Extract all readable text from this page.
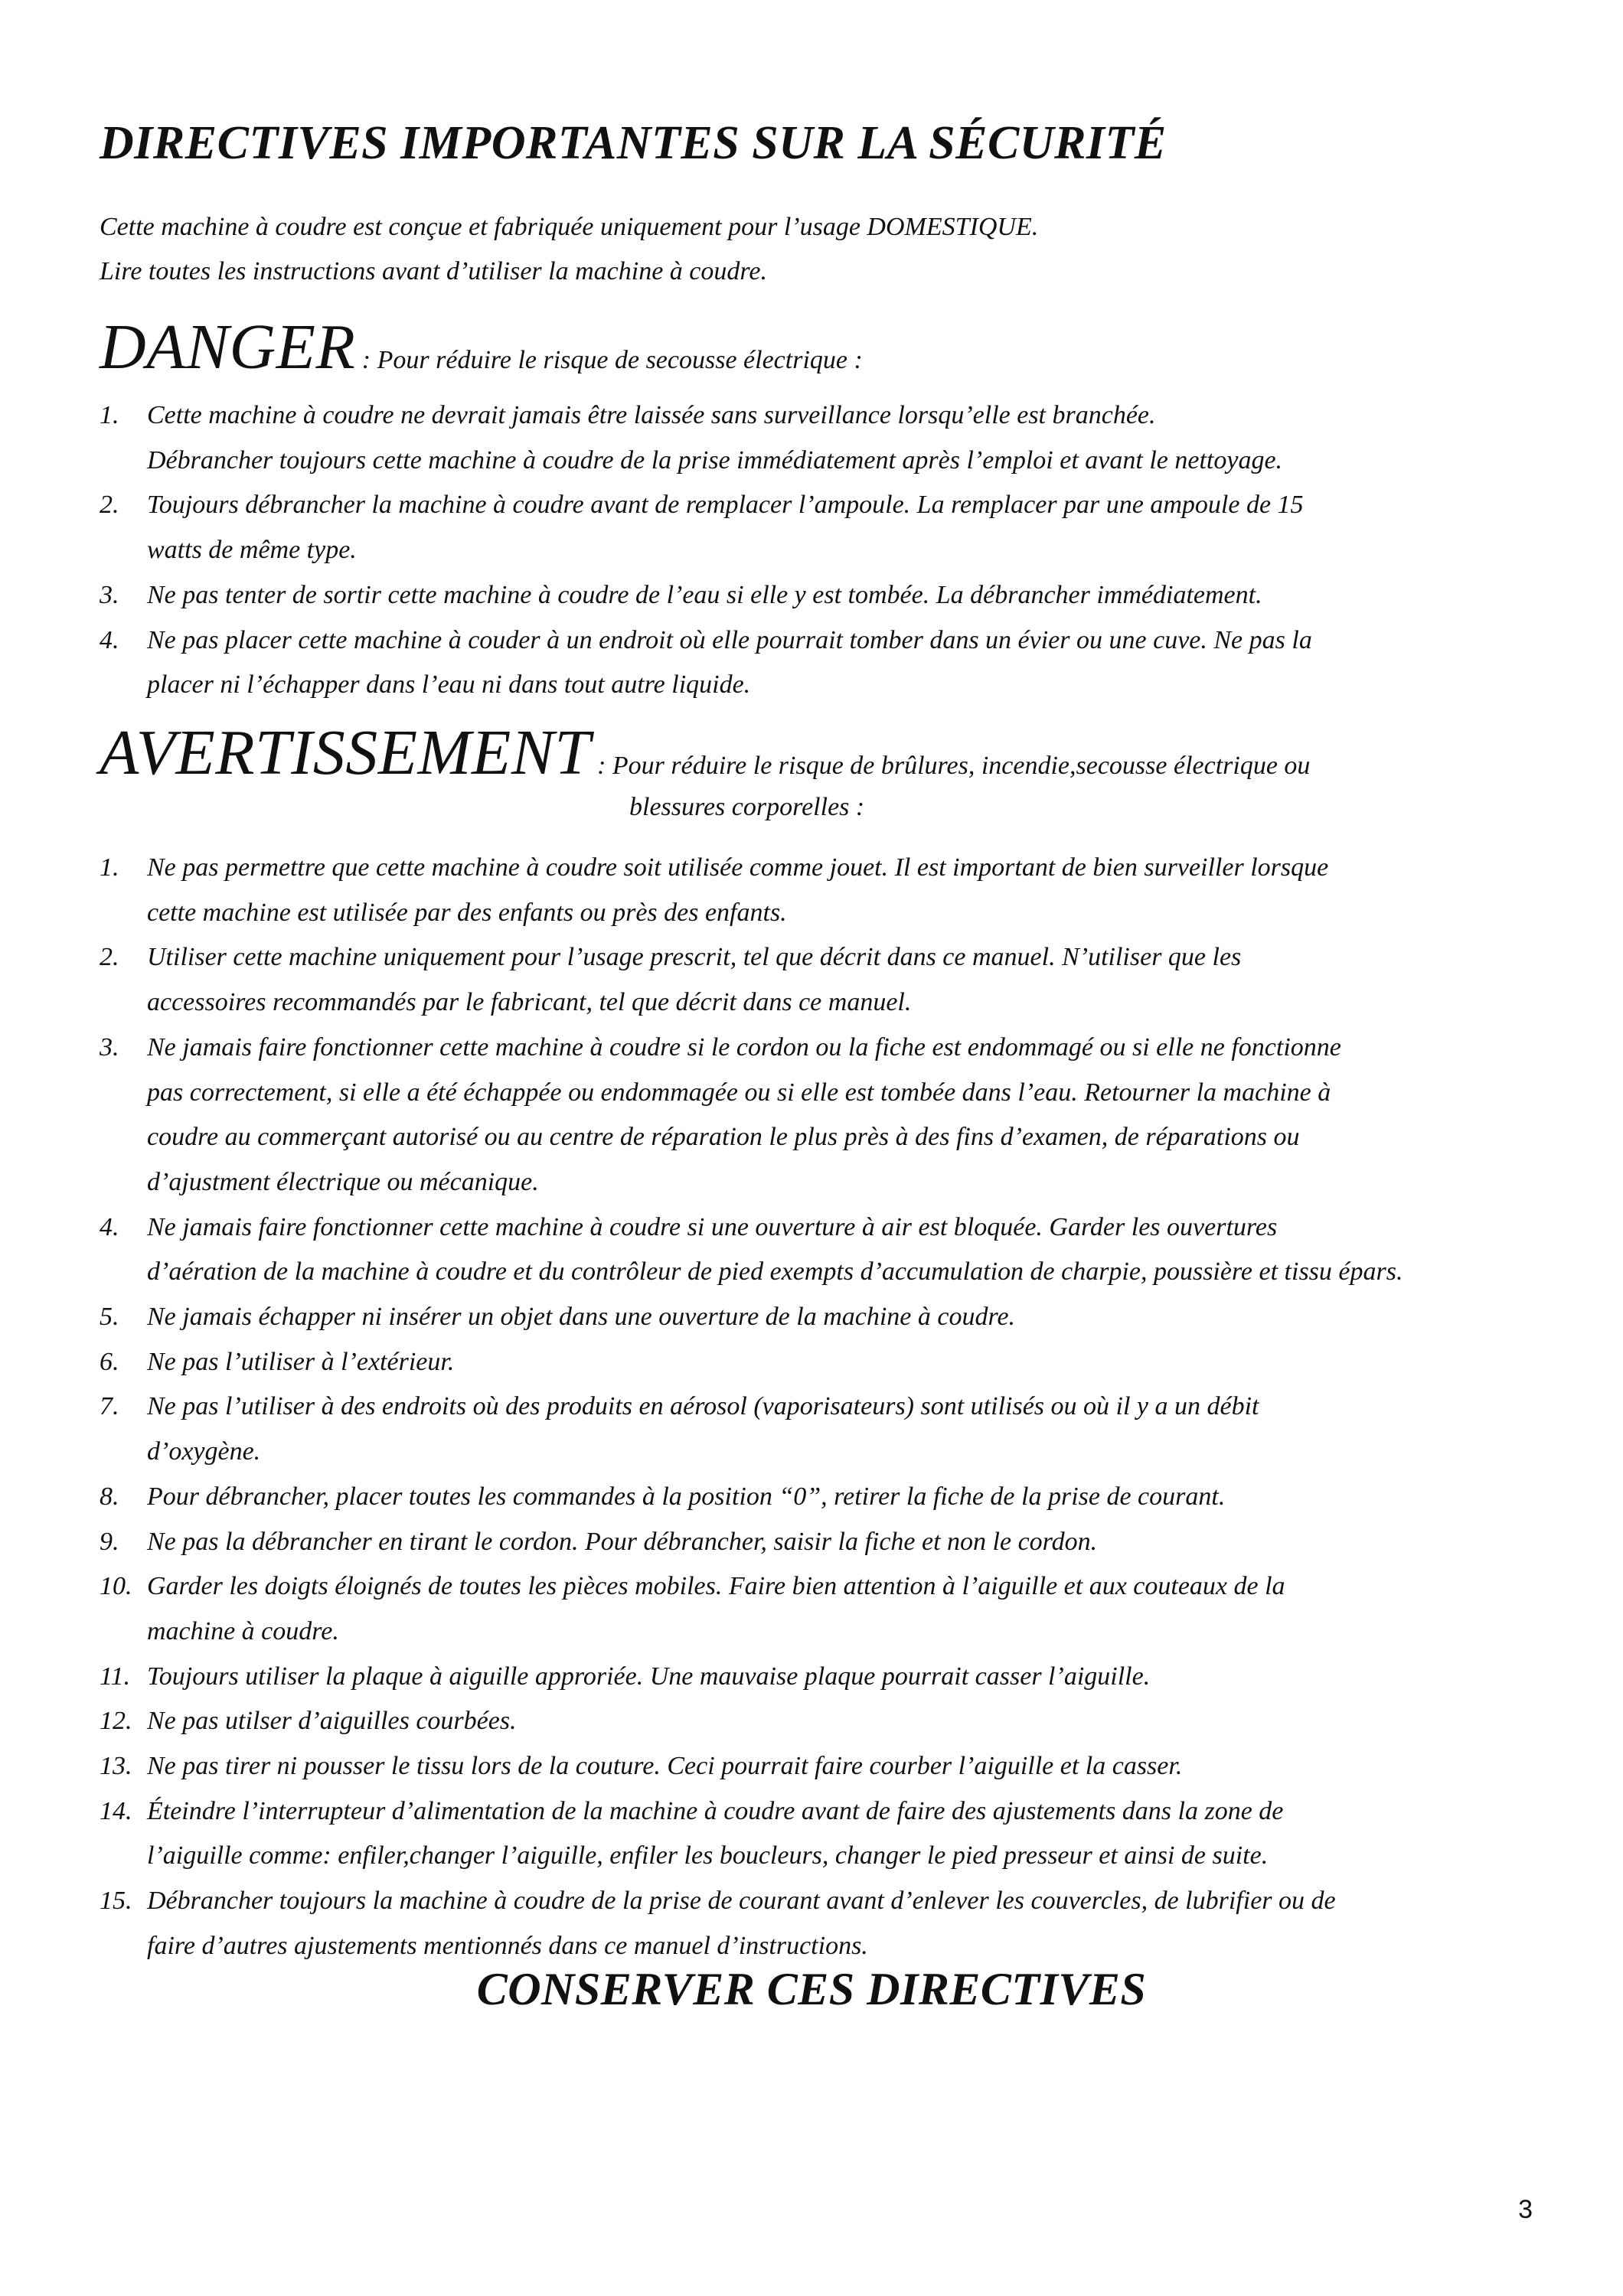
DIRECTIVES IMPORTANTES SUR LA SÉCURITÉ
Cette machine à coudre est conçue et fabriquée uniquement pour l’usage DOMESTIQUE.
Lire toutes les instructions avant d’utiliser la machine à coudre.
DANGER : Pour réduire le risque de secousse électrique :
1. Cette machine à coudre ne devrait jamais être laissée sans surveillance lorsqu’elle est branchée.
Débrancher toujours cette machine à coudre de la prise immédiatement après l’emploi et avant le nettoyage.
2. Toujours débrancher la machine à coudre avant de remplacer l’ampoule. La remplacer par une ampoule de 15
watts de même type.
3. Ne pas tenter de sortir cette machine à coudre de l’eau si elle y est tombée. La débrancher immédiatement.
4. Ne pas placer cette machine à couder à un endroit où elle pourrait tomber dans un évier ou une cuve. Ne pas la
placer ni l’échapper dans l’eau ni dans tout autre liquide.
AVERTISSEMENT : Pour réduire le risque de brûlures, incendie,secousse électrique ou
blessures corporelles :
1. Ne pas permettre que cette machine à coudre soit utilisée comme jouet. Il est important de bien surveiller lorsque
cette machine est utilisée par des enfants ou près des enfants.
2. Utiliser cette machine uniquement pour l’usage prescrit, tel que décrit dans ce manuel. N’utiliser que les
accessoires recommandés par le fabricant, tel que décrit dans ce manuel.
3. Ne jamais faire fonctionner cette machine à coudre si le cordon ou la fiche est endommagé ou si elle ne fonctionne
pas correctement, si elle a été échappée ou endommagée ou si elle est tombée dans l’eau. Retourner la machine à
coudre au commerçant autorisé ou au centre de réparation le plus près à des fins d’examen, de réparations ou
d’ajustment électrique ou mécanique.
4. Ne jamais faire fonctionner cette machine à coudre si une ouverture à air est bloquée. Garder les ouvertures
d’aération de la machine à coudre et du contrôleur de pied exempts d’accumulation de charpie, poussière et tissu épars.
5. Ne jamais échapper ni insérer un objet dans une ouverture de la machine à coudre.
6. Ne pas l’utiliser à l’extérieur.
7. Ne pas l’utiliser à des endroits où des produits en aérosol (vaporisateurs) sont utilisés ou où il y a un débit
d’oxygène.
8. Pour débrancher, placer toutes les commandes à la position “0”, retirer la fiche de la prise de courant.
9. Ne pas la débrancher en tirant le cordon. Pour débrancher, saisir la fiche et non le cordon.
10. Garder les doigts éloignés de toutes les pièces mobiles. Faire bien attention à l’aiguille et aux couteaux de la
machine à coudre.
11. Toujours utiliser la plaque à aiguille approriée. Une mauvaise plaque pourrait casser l’aiguille.
12. Ne pas utilser d’aiguilles courbées.
13. Ne pas tirer ni pousser le tissu lors de la couture. Ceci pourrait faire courber l’aiguille et la casser.
14. Éteindre l’interrupteur d’alimentation de la machine à coudre avant de faire des ajustements dans la zone de
l’aiguille comme: enfiler,changer l’aiguille, enfiler les boucleurs, changer le pied presseur et ainsi de suite.
15. Débrancher toujours la machine à coudre de la prise de courant avant d’enlever les couvercles, de lubrifier ou de
faire d’autres ajustements mentionnés dans ce manuel d’instructions.
CONSERVER CES DIRECTIVES
3
